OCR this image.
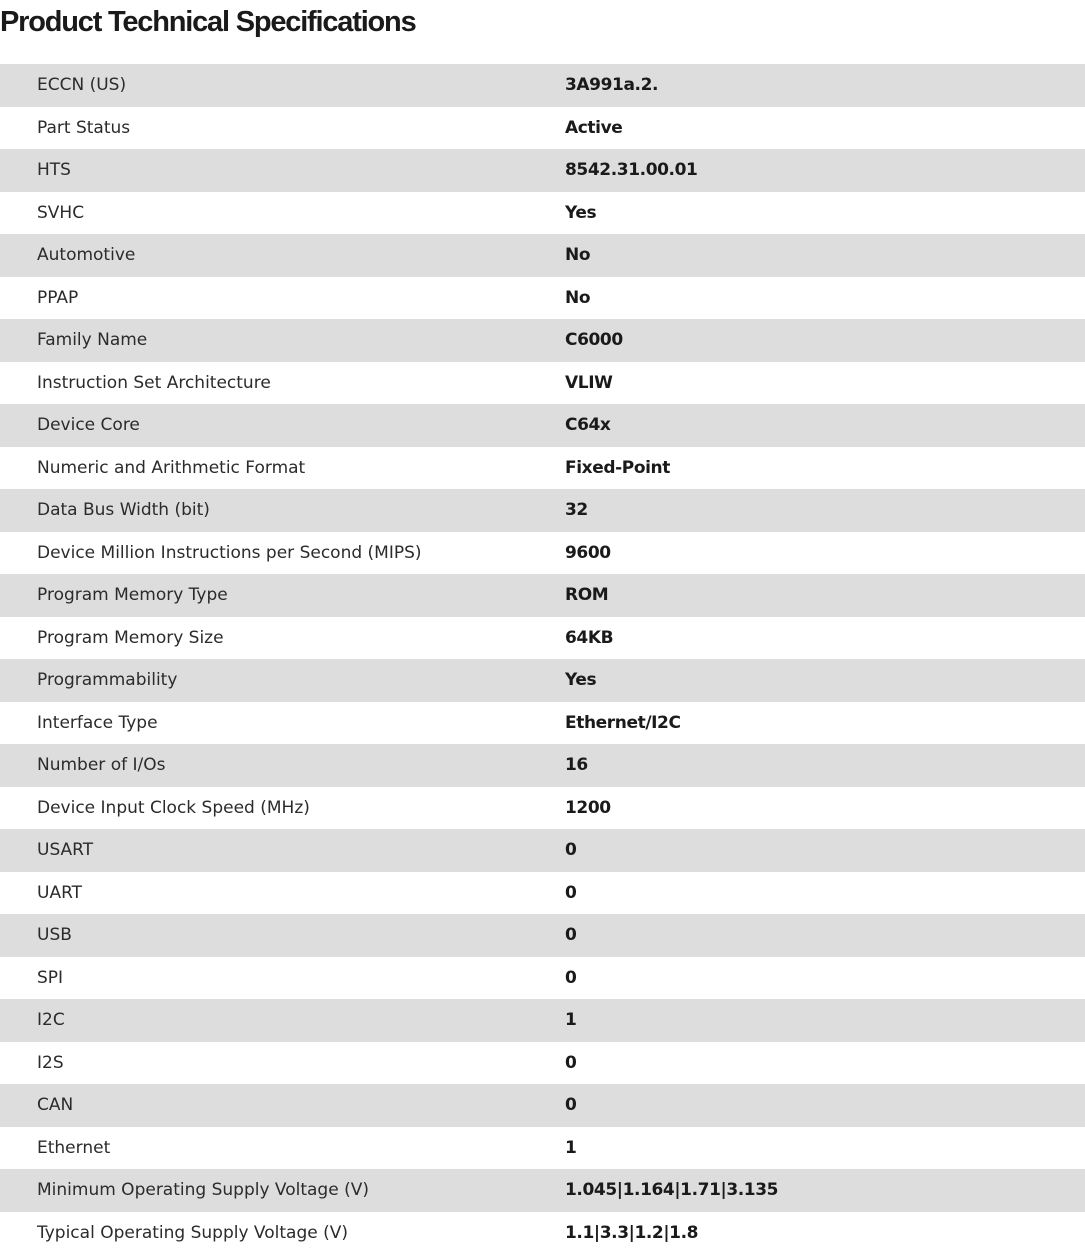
Product Technical Specifications
ECCN (US)	3A991a.2.
Part Status	Active
HTS	8542.31.00.01
SVHC	Yes
Automotive	No
PPAP	No
Family Name	C6000
Instruction Set Architecture	VLIW
Device Core	C64x
Numeric and Arithmetic Format	Fixed-Point
Data Bus Width (bit)	32
Device Million Instructions per Second (MIPS)	9600
Program Memory Type	ROM
Program Memory Size	64KB
Programmability	Yes
Interface Type	Ethernet/I2C
Number of I/Os	16
Device Input Clock Speed (MHz)	1200
USART	0
UART	0
USB	0
SPI	0
I2C	1
I2S	0
CAN	0
Ethernet	1
Minimum Operating Supply Voltage (V)	1.045|1.164|1.71|3.135
Typical Operating Supply Voltage (V)	1.1|3.3|1.2|1.8
